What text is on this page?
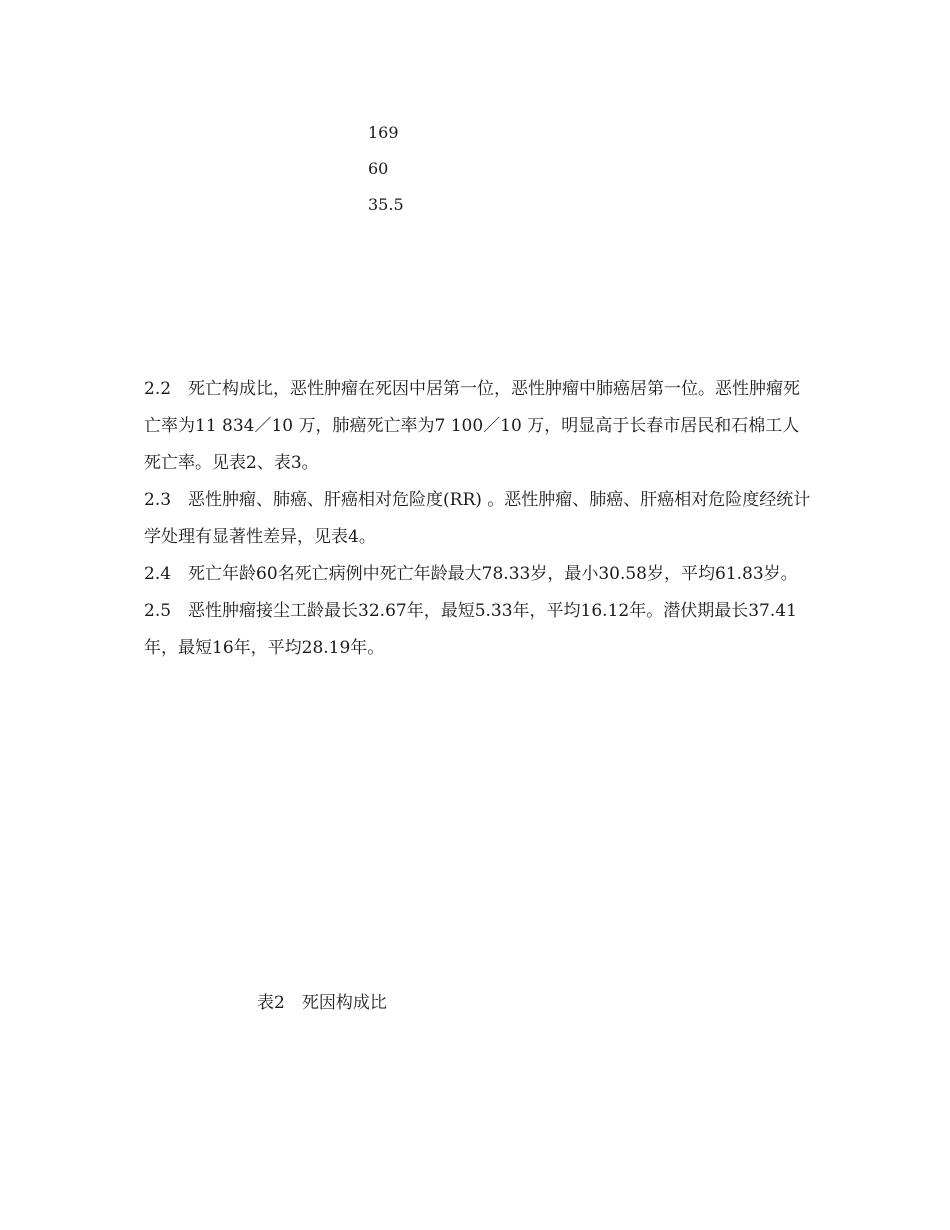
169
60
35.5

2.2　死亡构成比，恶性肿瘤在死因中居第一位，恶性肿瘤中肺癌居第一位。恶性肿瘤死亡率为11 834／10 万，肺癌死亡率为7 100／10 万，明显高于长春市居民和石棉工人死亡率。见表2、表3。

2.3　恶性肿瘤、肺癌、肝癌相对危险度(RR) 。恶性肿瘤、肺癌、肝癌相对危险度经统计学处理有显著性差异，见表4。

2.4　死亡年龄60名死亡病例中死亡年龄最大78.33岁，最小30.58岁，平均61.83岁。

2.5　恶性肿瘤接尘工龄最长32.67年，最短5.33年，平均16.12年。潜伏期最长37.41年，最短16年，平均28.19年。

表2　死因构成比
